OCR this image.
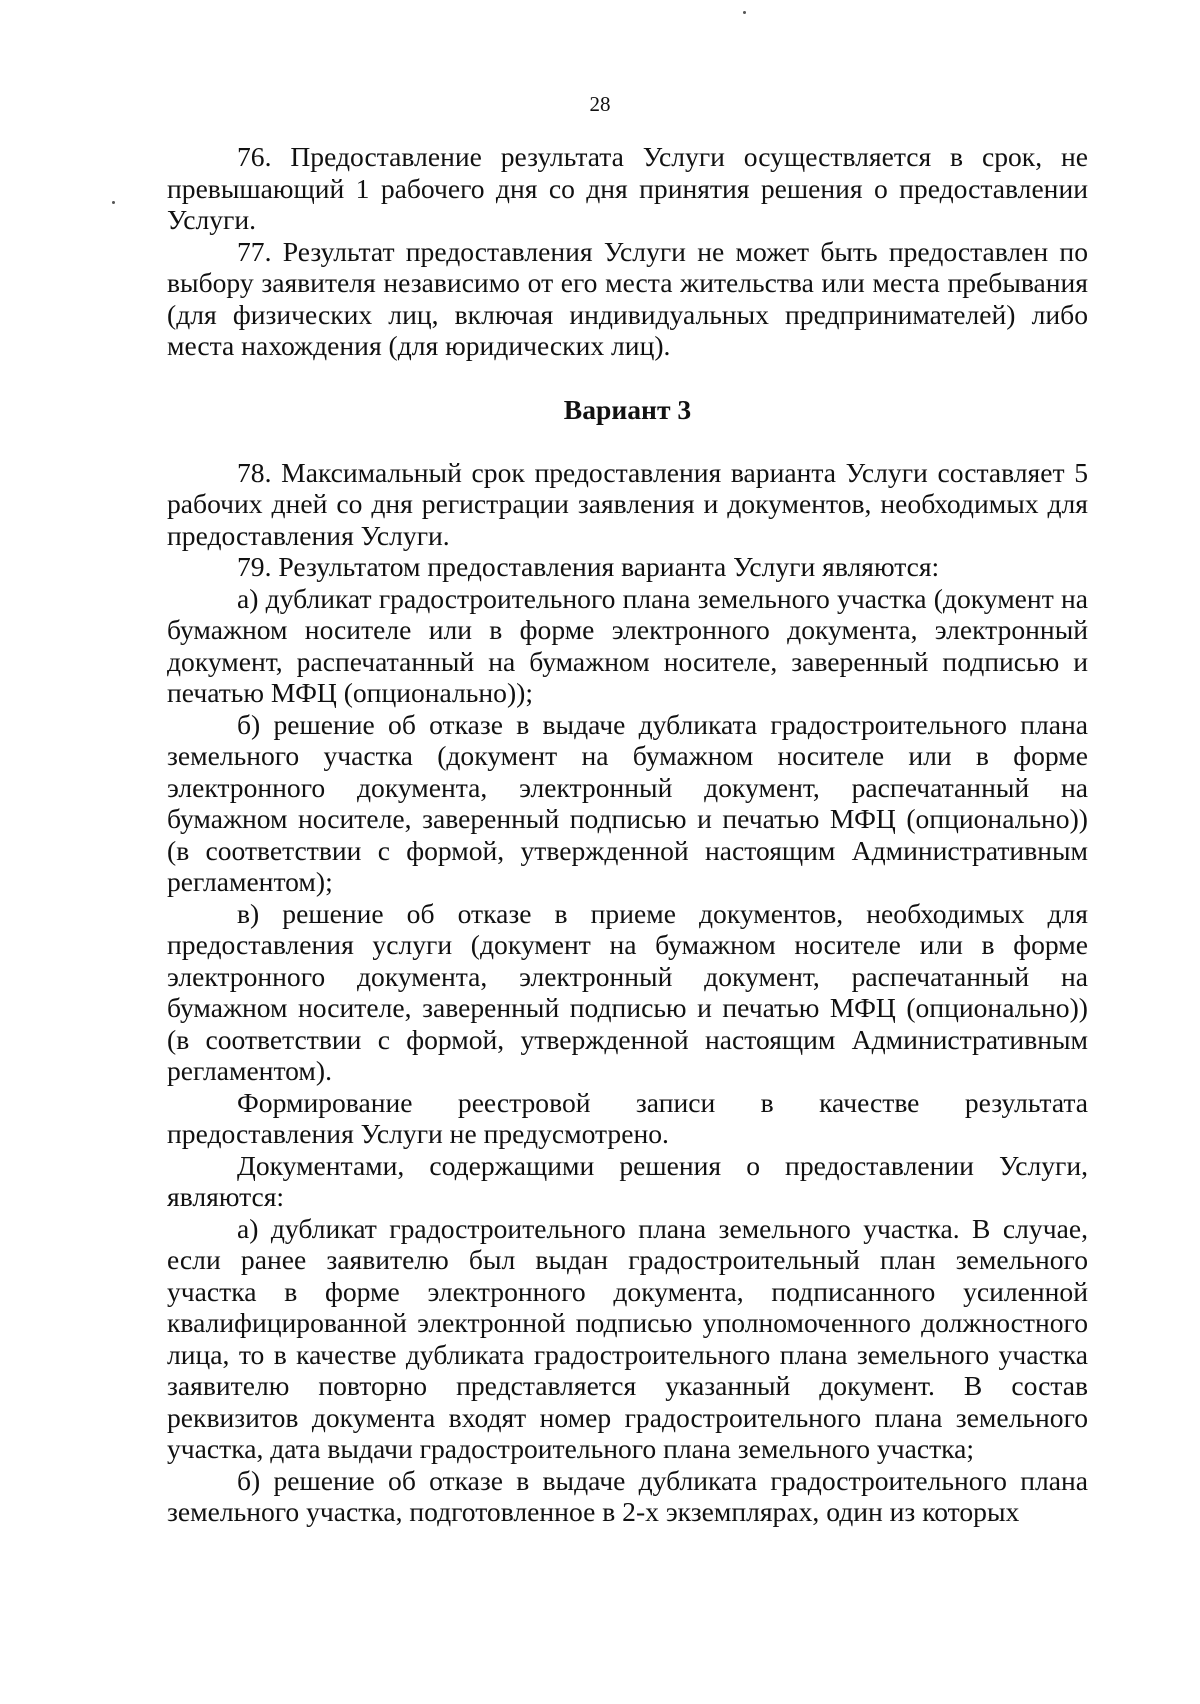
28

76. Предоставление результата Услуги осуществляется в срок, не превышающий 1 рабочего дня со дня принятия решения о предоставлении Услуги.

77. Результат предоставления Услуги не может быть предоставлен по выбору заявителя независимо от его места жительства или места пребывания (для физических лиц, включая индивидуальных предпринимателей) либо места нахождения (для юридических лиц).

Вариант 3

78. Максимальный срок предоставления варианта Услуги составляет 5 рабочих дней со дня регистрации заявления и документов, необходимых для предоставления Услуги.

79. Результатом предоставления варианта Услуги являются:

а) дубликат градостроительного плана земельного участка (документ на бумажном носителе или в форме электронного документа, электронный документ, распечатанный на бумажном носителе, заверенный подписью и печатью МФЦ (опционально));

б) решение об отказе в выдаче дубликата градостроительного плана земельного участка (документ на бумажном носителе или в форме электронного документа, электронный документ, распечатанный на бумажном носителе, заверенный подписью и печатью МФЦ (опционально)) (в соответствии с формой, утвержденной настоящим Административным регламентом);

в) решение об отказе в приеме документов, необходимых для предоставления услуги (документ на бумажном носителе или в форме электронного документа, электронный документ, распечатанный на бумажном носителе, заверенный подписью и печатью МФЦ (опционально)) (в соответствии с формой, утвержденной настоящим Административным регламентом).

Формирование реестровой записи в качестве результата предоставления Услуги не предусмотрено.

Документами, содержащими решения о предоставлении Услуги, являются:

а) дубликат градостроительного плана земельного участка. В случае, если ранее заявителю был выдан градостроительный план земельного участка в форме электронного документа, подписанного усиленной квалифицированной электронной подписью уполномоченного должностного лица, то в качестве дубликата градостроительного плана земельного участка заявителю повторно представляется указанный документ. В состав реквизитов документа входят номер градостроительного плана земельного участка, дата выдачи градостроительного плана земельного участка;

б) решение об отказе в выдаче дубликата градостроительного плана земельного участка, подготовленное в 2-х экземплярах, один из которых
